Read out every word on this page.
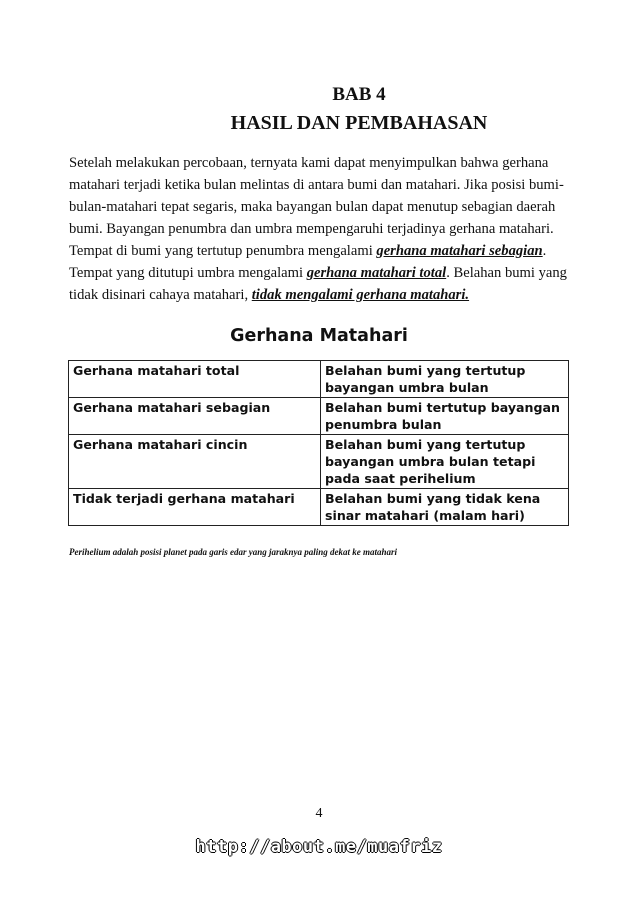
BAB 4
HASIL DAN PEMBAHASAN

Setelah melakukan percobaan, ternyata kami dapat menyimpulkan bahwa gerhana matahari terjadi ketika bulan melintas di antara bumi dan matahari. Jika posisi bumi-bulan-matahari tepat segaris, maka bayangan bulan dapat menutup sebagian daerah bumi. Bayangan penumbra dan umbra mempengaruhi terjadinya gerhana matahari. Tempat di bumi yang tertutup penumbra mengalami gerhana matahari sebagian. Tempat yang ditutupi umbra mengalami gerhana matahari total. Belahan bumi yang tidak disinari cahaya matahari, tidak mengalami gerhana matahari.

Gerhana Matahari
Gerhana matahari total	Belahan bumi yang tertutup bayangan umbra bulan
Gerhana matahari sebagian	Belahan bumi tertutup bayangan penumbra bulan
Gerhana matahari cincin	Belahan bumi yang tertutup bayangan umbra bulan tetapi pada saat perihelium
Tidak terjadi gerhana matahari	Belahan bumi yang tidak kena sinar matahari (malam hari)
Perihelium adalah posisi planet pada garis edar yang jaraknya paling dekat ke matahari
4
http://about.me/muafriz
